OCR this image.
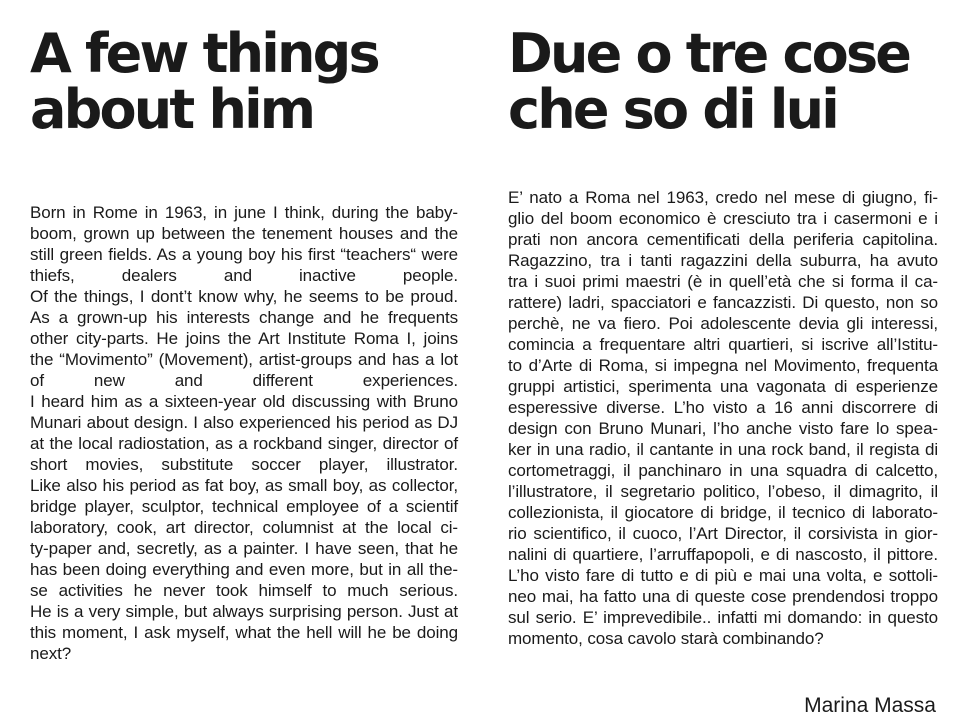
A few things
about him
Due o tre cose
che so di lui
Born in Rome in 1963, in june I think, during the baby-
boom, grown up between the tenement houses and the
still green fields. As a young boy his first “teachers“ were
thiefs, dealers and inactive people.
Of the things, I dont’t know why, he seems to be proud.
As a grown-up his interests change and he frequents
other city-parts. He joins the Art Institute Roma I, joins
the “Movimento” (Movement), artist-groups and has a lot
of new and different experiences.
I heard him as a sixteen-year old discussing with Bruno
Munari about design. I also experienced his period as DJ
at the local radiostation, as a rockband singer, director of
short movies, substitute soccer player, illustrator.
Like also his period as fat boy, as small boy, as collector,
bridge player, sculptor, technical employee of a scientif
laboratory, cook, art director, columnist at the local ci-
ty-paper and, secretly, as a painter. I have seen, that he
has been doing everything and even more, but in all the-
se activities he never took himself to much serious.
He is a very simple, but always surprising person. Just at
this moment, I ask myself, what the hell will he be doing
next?
E’ nato a Roma nel 1963, credo nel mese di giugno, fi-
glio del boom economico è cresciuto tra i casermoni e i
prati non ancora cementificati della periferia capitolina.
Ragazzino, tra i tanti ragazzini della suburra, ha avuto
tra i suoi primi maestri (è in quell’età che si forma il ca-
rattere) ladri, spacciatori e fancazzisti. Di questo, non so
perchè, ne va fiero. Poi adolescente devia gli interessi,
comincia a frequentare altri quartieri, si iscrive all’Istitu-
to d’Arte di Roma, si impegna nel Movimento, frequenta
gruppi artistici, sperimenta una vagonata di esperienze
esperessive diverse. L’ho visto a 16 anni discorrere di
design con Bruno Munari, l’ho anche visto fare lo spea-
ker in una radio, il cantante in una rock band, il regista di
cortometraggi, il panchinaro in una squadra di calcetto,
l’illustratore, il segretario politico, l’obeso, il dimagrito, il
collezionista, il giocatore di bridge, il tecnico di laborato-
rio scientifico, il cuoco, l’Art Director, il corsivista in gior-
nalini di quartiere, l’arruffapopoli, e di nascosto, il pittore.
L’ho visto fare di tutto e di più e mai una volta, e sottoli-
neo mai, ha fatto una di queste cose prendendosi troppo
sul serio. E’ imprevedibile.. infatti mi domando: in questo
momento, cosa cavolo starà combinando?
Marina Massa
